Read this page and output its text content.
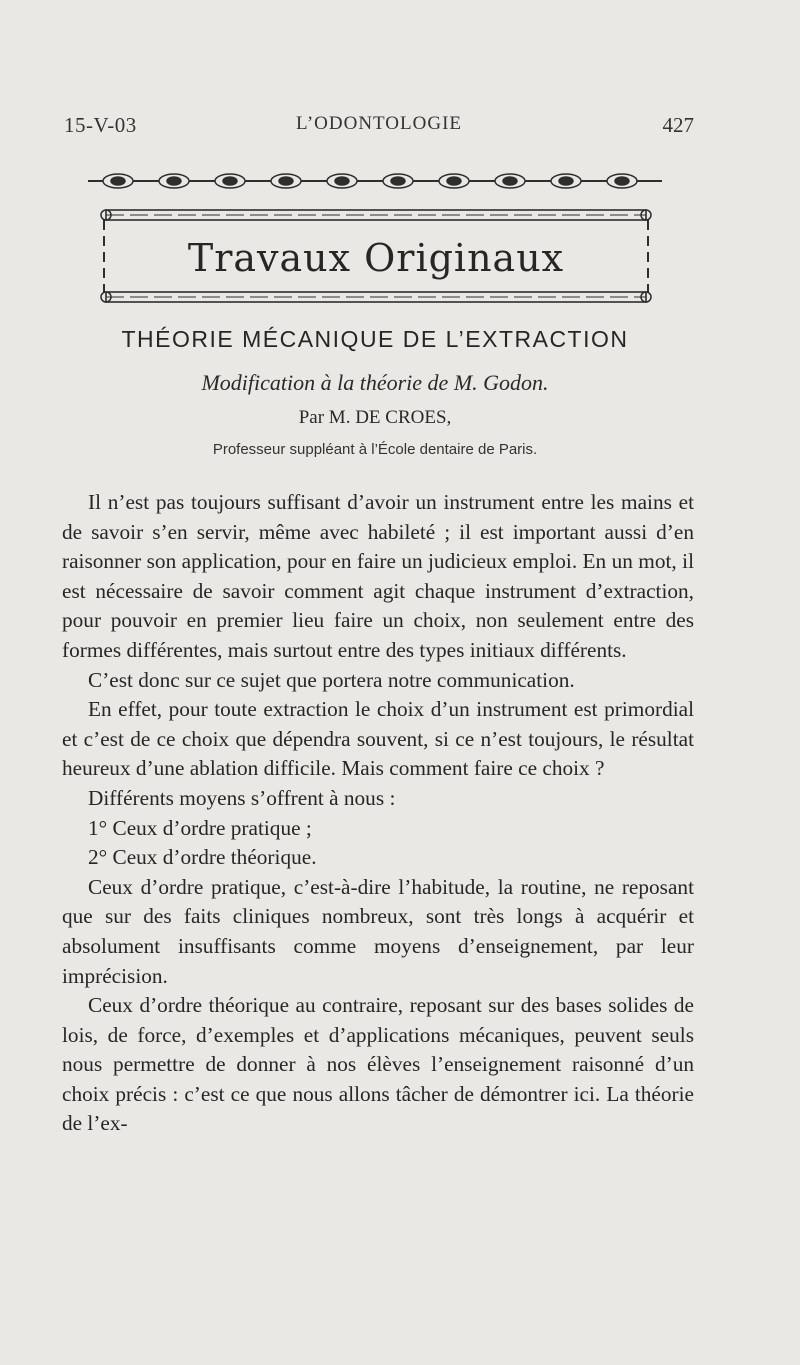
15-V-03	L’ODONTOLOGIE	427
Travaux Originaux
THÉORIE MÉCANIQUE DE L’EXTRACTION
Modification à la théorie de M. Godon.
Par M. DE CROES,
Professeur suppléant à l’École dentaire de Paris.

Il n’est pas toujours suffisant d’avoir un instrument entre les mains et de savoir s’en servir, même avec habileté ; il est important aussi d’en raisonner son application, pour en faire un judicieux emploi. En un mot, il est nécessaire de savoir comment agit chaque instrument d’extraction, pour pouvoir en premier lieu faire un choix, non seulement entre des formes différentes, mais surtout entre des types initiaux différents.

C’est donc sur ce sujet que portera notre communication.

En effet, pour toute extraction le choix d’un instrument est primordial et c’est de ce choix que dépendra souvent, si ce n’est toujours, le résultat heureux d’une ablation difficile. Mais comment faire ce choix ?

Différents moyens s’offrent à nous :

1° Ceux d’ordre pratique ;

2° Ceux d’ordre théorique.

Ceux d’ordre pratique, c’est-à-dire l’habitude, la routine, ne reposant que sur des faits cliniques nombreux, sont très longs à acquérir et absolument insuffisants comme moyens d’enseignement, par leur imprécision.

Ceux d’ordre théorique au contraire, reposant sur des bases solides de lois, de force, d’exemples et d’applications mécaniques, peuvent seuls nous permettre de donner à nos élèves l’enseignement raisonné d’un choix précis : c’est ce que nous allons tâcher de démontrer ici. La théorie de l’ex-
